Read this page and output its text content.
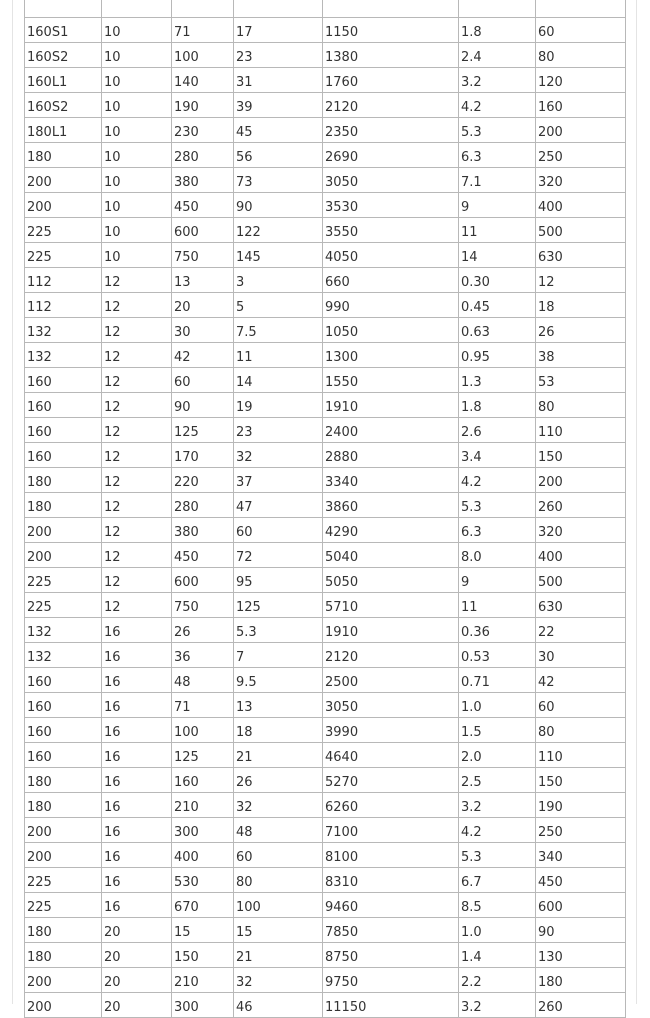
160S1	10	71	17	1150	1.8	60
160S2	10	100	23	1380	2.4	80
160L1	10	140	31	1760	3.2	120
160S2	10	190	39	2120	4.2	160
180L1	10	230	45	2350	5.3	200
180	10	280	56	2690	6.3	250
200	10	380	73	3050	7.1	320
200	10	450	90	3530	9	400
225	10	600	122	3550	11	500
225	10	750	145	4050	14	630
112	12	13	3	660	0.30	12
112	12	20	5	990	0.45	18
132	12	30	7.5	1050	0.63	26
132	12	42	11	1300	0.95	38
160	12	60	14	1550	1.3	53
160	12	90	19	1910	1.8	80
160	12	125	23	2400	2.6	110
160	12	170	32	2880	3.4	150
180	12	220	37	3340	4.2	200
180	12	280	47	3860	5.3	260
200	12	380	60	4290	6.3	320
200	12	450	72	5040	8.0	400
225	12	600	95	5050	9	500
225	12	750	125	5710	11	630
132	16	26	5.3	1910	0.36	22
132	16	36	7	2120	0.53	30
160	16	48	9.5	2500	0.71	42
160	16	71	13	3050	1.0	60
160	16	100	18	3990	1.5	80
160	16	125	21	4640	2.0	110
180	16	160	26	5270	2.5	150
180	16	210	32	6260	3.2	190
200	16	300	48	7100	4.2	250
200	16	400	60	8100	5.3	340
225	16	530	80	8310	6.7	450
225	16	670	100	9460	8.5	600
180	20	15	15	7850	1.0	90
180	20	150	21	8750	1.4	130
200	20	210	32	9750	2.2	180
200	20	300	46	11150	3.2	260
